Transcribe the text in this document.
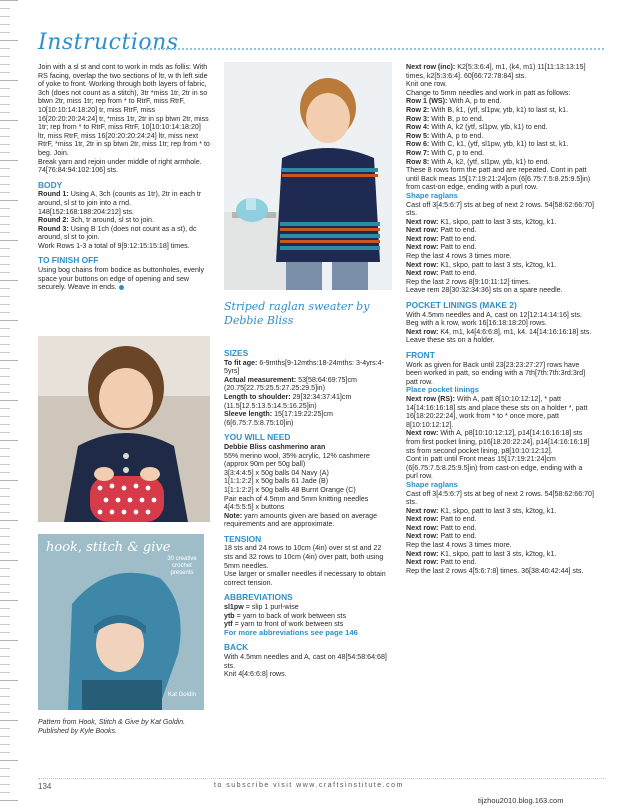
Instructions

Join with a sl st and cont to work in rnds as follis: With RS facing, overlap the two sections of ltr, w th left side of yoke to front. Working through both layers of fabric, 3ch (does not count as a stitch), 3tr *miss 1tr, 2tr in so btwn 2tr, miss 1tr; rep from * to RtrF, miss RtrF, 10[10:10:14:18:20] tr, miss RtrF, miss 16[20:20:20:24:24] tr, *miss 1tr, 2tr in sp btwn 2tr, miss 1tr; rep from * to RtrF, miss RtrF, 10[10:10:14:18:20] ltr, miss RtrF, miss 16[20:20:20:24:24] ltr, miss next RtrF, *miss 1tr, 2tr in sp btwn 2tr, miss 1tr; rep from * to beg. Join.

Break yarn and rejoin under middle of right armhole. 74[76:84:94:102:106] sts.

BODY

Round 1: Using A, 3ch (counts as 1tr), 2tr in each tr around, sl st to join into a rnd. 148[152:168:188:204:212] sts.

Round 2: 3ch, tr around, sl st to join.

Round 3: Using B 1ch (does not count as a st), dc around, sl st to join.

Work Rows 1-3 a total of 9[9:12:15:15:18] times.

TO FINISH OFF

Using bog chains from bodice as buttonholes, evenly space your buttons on edge of opening and sew securely. Weave in ends.

hook, stitch & give
30 creative crochet presents
Kat Goldin
Pattern from Hook, Stitch & Give by Kat Goldin. Published by Kyle Books.
Striped raglan sweater by Debbie Bliss

SIZES

To fit age: 6-9mths[9-12mths:18-24mths: 3-4yrs:4-5yrs]

Actual measurement: 53[58:64:69:75]cm (20.75[22.75:25.5:27.25:29.5]in)

Length to shoulder: 29[32:34:37:41]cm (11.5[12.5:13.5:14.5:16.25]in)

Sleeve length: 15[17:19:22:25]cm (6[6.75:7.5:8.75:10]in)

YOU WILL NEED

Debbie Bliss cashmerino aran

55% merino wool, 35% acrylic, 12% cashmere (approx 90m per 50g ball)

3[3:4:4:5] x 50g balls 04 Navy (A)

1[1:1:2:2] x 50g balls 61 Jade (B)

1[1:1:2:2] x 50g balls 48 Burnt Orange (C)

Pair each of 4.5mm and 5mm knitting needles

4[4:5:5:5] x buttons

Note: yarn amounts given are based on average requirements and are approximate.

TENSION

18 sts and 24 rows to 10cm (4in) over st st and 22 sts and 32 rows to 10cm (4in) over patt, both using 5mm needles.

Use larger or smaller needles if necessary to obtain correct tension.

ABBREVIATIONS

sl1pw = slip 1 purl-wise

ytb = yarn to back of work between sts

ytf = yarn to front of work between sts

For more abbreviations see page 146

BACK

With 4.5mm needles and A, cast on 48[54:58:64:68] sts.

Knit 4[4:6:6:8] rows.

Next row (inc): K2[5:3:6:4], m1, (k4, m1) 11[11:13:13:15] times, k2[5:3:6:4]. 60[66:72:78:84] sts.

Knit one row.

Change to 5mm needles and work in patt as follows:

Row 1 (WS): With A, p to end.

Row 2: With B, k1, (ytf, sl1pw, ytb, k1) to last st, k1.

Row 3: With B, p to end.

Row 4: With A, k2 (ytf, sl1pw, ytb, k1) to end.

Row 5: With A, p to end.

Row 6: With C, k1, (ytf, sl1pw, ytb, k1) to last st, k1.

Row 7: With C, p to end.

Row 8: With A, k2, (ytf, sl1pw, ytb, k1) to end.

These 8 rows form the patt and are repeated. Cont in patt until Back meas 15[17:19:21:24]cm (6[6.75:7.5:8.25:9.5]in) from cast-on edge, ending with a purl row.

Shape raglans

Cast off 3[4:5:6:7] sts at beg of next 2 rows. 54[58:62:66:70] sts.

Next row: K1, skpo, patt to last 3 sts, k2tog, k1.

Next row: Patt to end.

Next row: Patt to end.

Next row: Patt to end.

Rep the last 4 rows 3 times more.

Next row: K1, skpo, patt to last 3 sts, k2tog, k1.

Next row: Patt to end.

Rep the last 2 rows 8[9:10:11:12] times.

Leave rem 28[30:32:34:36] sts on a spare needle.

POCKET LININGS (MAKE 2)

With 4.5mm needles and A, cast on 12[12:14:14:16] sts.

Beg with a k row, work 16[16:18:18:20] rows.

Next row: K4, m1, k4[4:6:6:8], m1, k4. 14[14:16:16:18] sts.

Leave these sts on a holder.

FRONT

Work as given for Back until 23[23:23:27:27] rows have been worked in patt, so ending with a 7th[7th:7th:3rd:3rd] patt row.

Place pocket linings

Next row (RS): With A, patt 8[10:10:12:12], * patt 14[14:16:16:18] sts and place these sts on a holder *, patt 16[18:20:22:24], work from * to * once more, patt 8[10:10:12:12].

Next row: With A, p8[10:10:12:12], p14[14:16:16:18] sts from first pocket lining, p16[18:20:22:24], p14[14:16:16:18] sts from second pocket lining, p8[10:10:12:12].

Cont in patt until Front meas 15[17:19:21:24]cm (6[6.75:7.5:8.25:9.5]in) from cast-on edge, ending with a purl row.

Shape raglans

Cast off 3[4:5:6:7] sts at beg of next 2 rows. 54[58:62:66:70] sts.

Next row: K1, skpo, patt to last 3 sts, k2tog, k1.

Next row: Patt to end.

Next row: Patt to end.

Next row: Patt to end.

Rep the last 4 rows 3 times more.

Next row: K1, skpo, patt to last 3 sts, k2tog, k1.

Next row: Patt to end.

Rep the last 2 rows 4[5:6:7:8] times. 36[38:40:42:44] sts.

134	to subscribe visit www.craftsinstitute.com
tijzhou2010.blog.163.com
